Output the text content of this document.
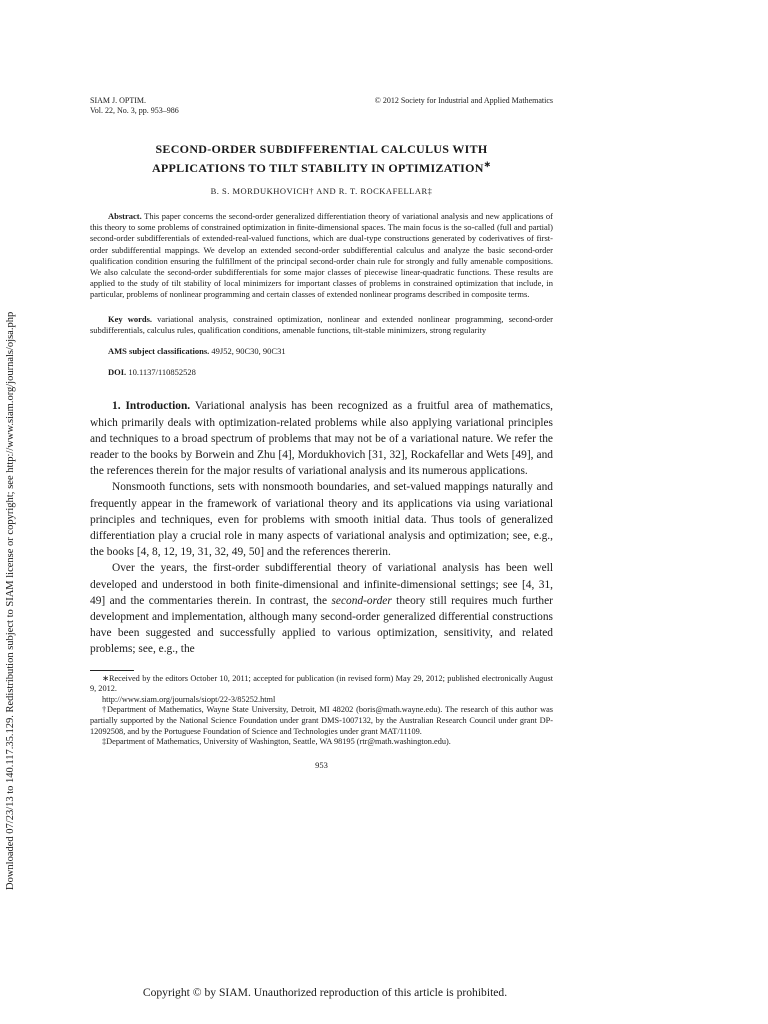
Downloaded 07/23/13 to 140.117.35.129. Redistribution subject to SIAM license or copyright; see http://www.siam.org/journals/ojsa.php
SIAM J. OPTIM.
Vol. 22, No. 3, pp. 953–986
© 2012 Society for Industrial and Applied Mathematics
SECOND-ORDER SUBDIFFERENTIAL CALCULUS WITH
APPLICATIONS TO TILT STABILITY IN OPTIMIZATION∗
B. S. MORDUKHOVICH† AND R. T. ROCKAFELLAR‡

Abstract. This paper concerns the second-order generalized differentiation theory of variational analysis and new applications of this theory to some problems of constrained optimization in finite-dimensional spaces. The main focus is the so-called (full and partial) second-order subdifferentials of extended-real-valued functions, which are dual-type constructions generated by coderivatives of first-order subdifferential mappings. We develop an extended second-order subdifferential calculus and analyze the basic second-order qualification condition ensuring the fulfillment of the principal second-order chain rule for strongly and fully amenable compositions. We also calculate the second-order subdifferentials for some major classes of piecewise linear-quadratic functions. These results are applied to the study of tilt stability of local minimizers for important classes of problems in constrained optimization that include, in particular, problems of nonlinear programming and certain classes of extended nonlinear programs described in composite terms.

Key words. variational analysis, constrained optimization, nonlinear and extended nonlinear programming, second-order subdifferentials, calculus rules, qualification conditions, amenable functions, tilt-stable minimizers, strong regularity

AMS subject classifications. 49J52, 90C30, 90C31

DOI. 10.1137/110852528

1. Introduction. Variational analysis has been recognized as a fruitful area of mathematics, which primarily deals with optimization-related problems while also applying variational principles and techniques to a broad spectrum of problems that may not be of a variational nature. We refer the reader to the books by Borwein and Zhu [4], Mordukhovich [31, 32], Rockafellar and Wets [49], and the references therein for the major results of variational analysis and its numerous applications.

Nonsmooth functions, sets with nonsmooth boundaries, and set-valued mappings naturally and frequently appear in the framework of variational theory and its applications via using variational principles and techniques, even for problems with smooth initial data. Thus tools of generalized differentiation play a crucial role in many aspects of variational analysis and optimization; see, e.g., the books [4, 8, 12, 19, 31, 32, 49, 50] and the references thererin.

Over the years, the first-order subdifferential theory of variational analysis has been well developed and understood in both finite-dimensional and infinite-dimensional settings; see [4, 31, 49] and the commentaries therein. In contrast, the second-order theory still requires much further development and implementation, although many second-order generalized differential constructions have been suggested and successfully applied to various optimization, sensitivity, and related problems; see, e.g., the

∗Received by the editors October 10, 2011; accepted for publication (in revised form) May 29, 2012; published electronically August 9, 2012.

http://www.siam.org/journals/siopt/22-3/85252.html

†Department of Mathematics, Wayne State University, Detroit, MI 48202 (boris@math.wayne.edu). The research of this author was partially supported by the National Science Foundation under grant DMS-1007132, by the Australian Research Council under grant DP-12092508, and by the Portuguese Foundation of Science and Technologies under grant MAT/11109.

‡Department of Mathematics, University of Washington, Seattle, WA 98195 (rtr@math.washington.edu).

953
Copyright © by SIAM. Unauthorized reproduction of this article is prohibited.
